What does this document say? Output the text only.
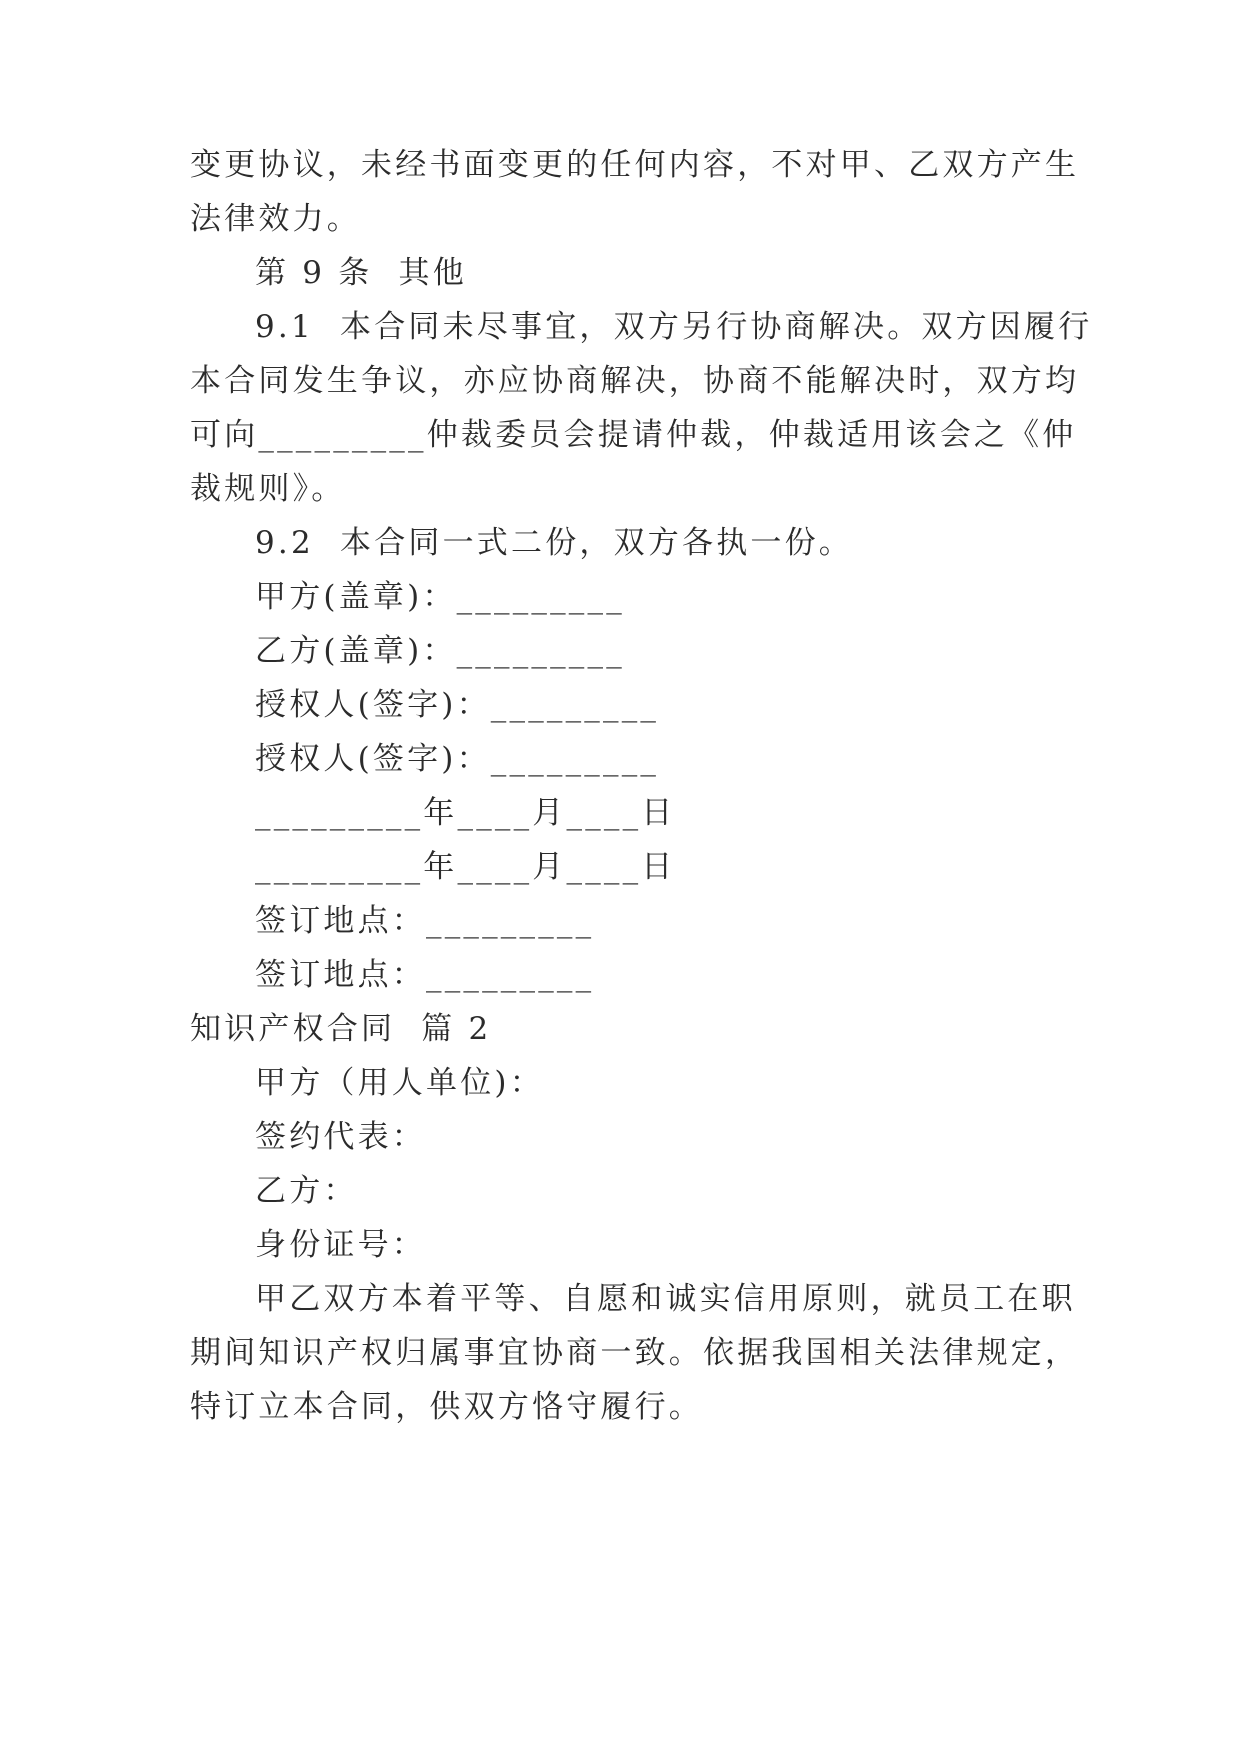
变更协议，未经书面变更的任何内容，不对甲、乙双方产生
法律效力。
第 9 条  其他
9.1  本合同未尽事宜，双方另行协商解决。双方因履行
本合同发生争议，亦应协商解决，协商不能解决时，双方均
可向_________仲裁委员会提请仲裁，仲裁适用该会之《仲
裁规则》。
9.2  本合同一式二份，双方各执一份。
甲方(盖章)：_________
乙方(盖章)：_________
授权人(签字)：_________
授权人(签字)：_________
_________年____月____日
_________年____月____日
签订地点：_________
签订地点：_________
知识产权合同  篇 2
甲方（用人单位)：
签约代表：
乙方：
身份证号：
甲乙双方本着平等、自愿和诚实信用原则，就员工在职
期间知识产权归属事宜协商一致。依据我国相关法律规定，
特订立本合同，供双方恪守履行。
